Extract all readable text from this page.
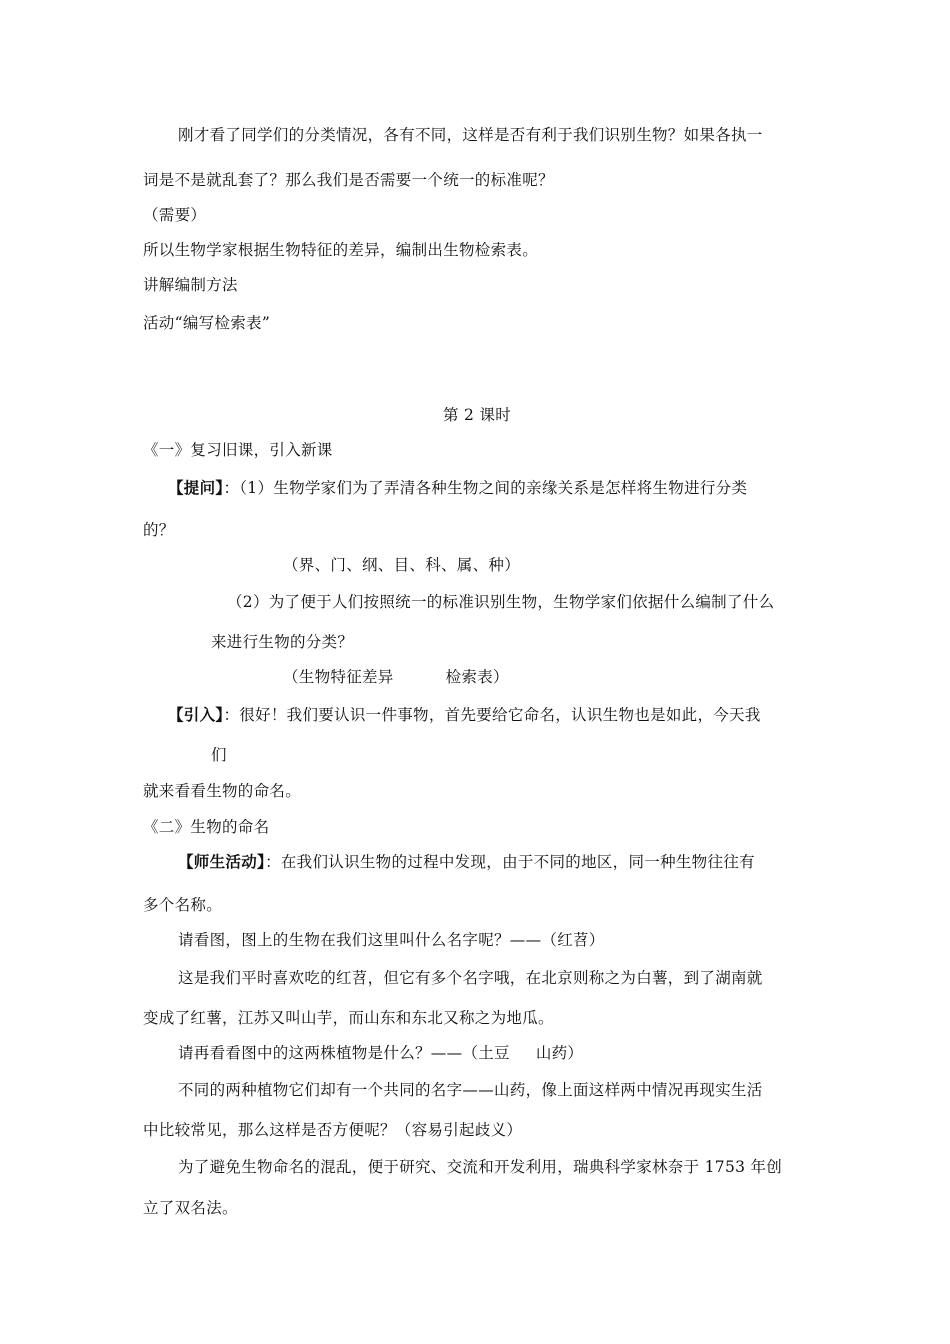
刚才看了同学们的分类情况，各有不同，这样是否有利于我们识别生物？如果各执一
词是不是就乱套了？那么我们是否需要一个统一的标准呢？
（需要）
所以生物学家根据生物特征的差异，编制出生物检索表。
讲解编制方法
活动“编写检索表”
第 2 课时
《一》复习旧课，引入新课
【提问】：（1）生物学家们为了弄清各种生物之间的亲缘关系是怎样将生物进行分类
的？
（界、门、纲、目、科、属、种）
（2）为了便于人们按照统一的标准识别生物，生物学家们依据什么编制了什么
来进行生物的分类？
（生物特征差异	检索表）
【引入】：很好！我们要认识一件事物，首先要给它命名，认识生物也是如此，今天我
们
就来看看生物的命名。
《二》生物的命名
【师生活动】：在我们认识生物的过程中发现，由于不同的地区，同一种生物往往有
多个名称。
请看图，图上的生物在我们这里叫什么名字呢？——（红苕）
这是我们平时喜欢吃的红苕，但它有多个名字哦，在北京则称之为白薯，到了湖南就
变成了红薯，江苏又叫山芋，而山东和东北又称之为地瓜。
请再看看图中的这两株植物是什么？——（土豆 山药）
不同的两种植物它们却有一个共同的名字——山药，像上面这样两中情况再现实生活
中比较常见，那么这样是否方便呢？（容易引起歧义）
为了避免生物命名的混乱，便于研究、交流和开发利用，瑞典科学家林奈于 1753 年创
立了双名法。
